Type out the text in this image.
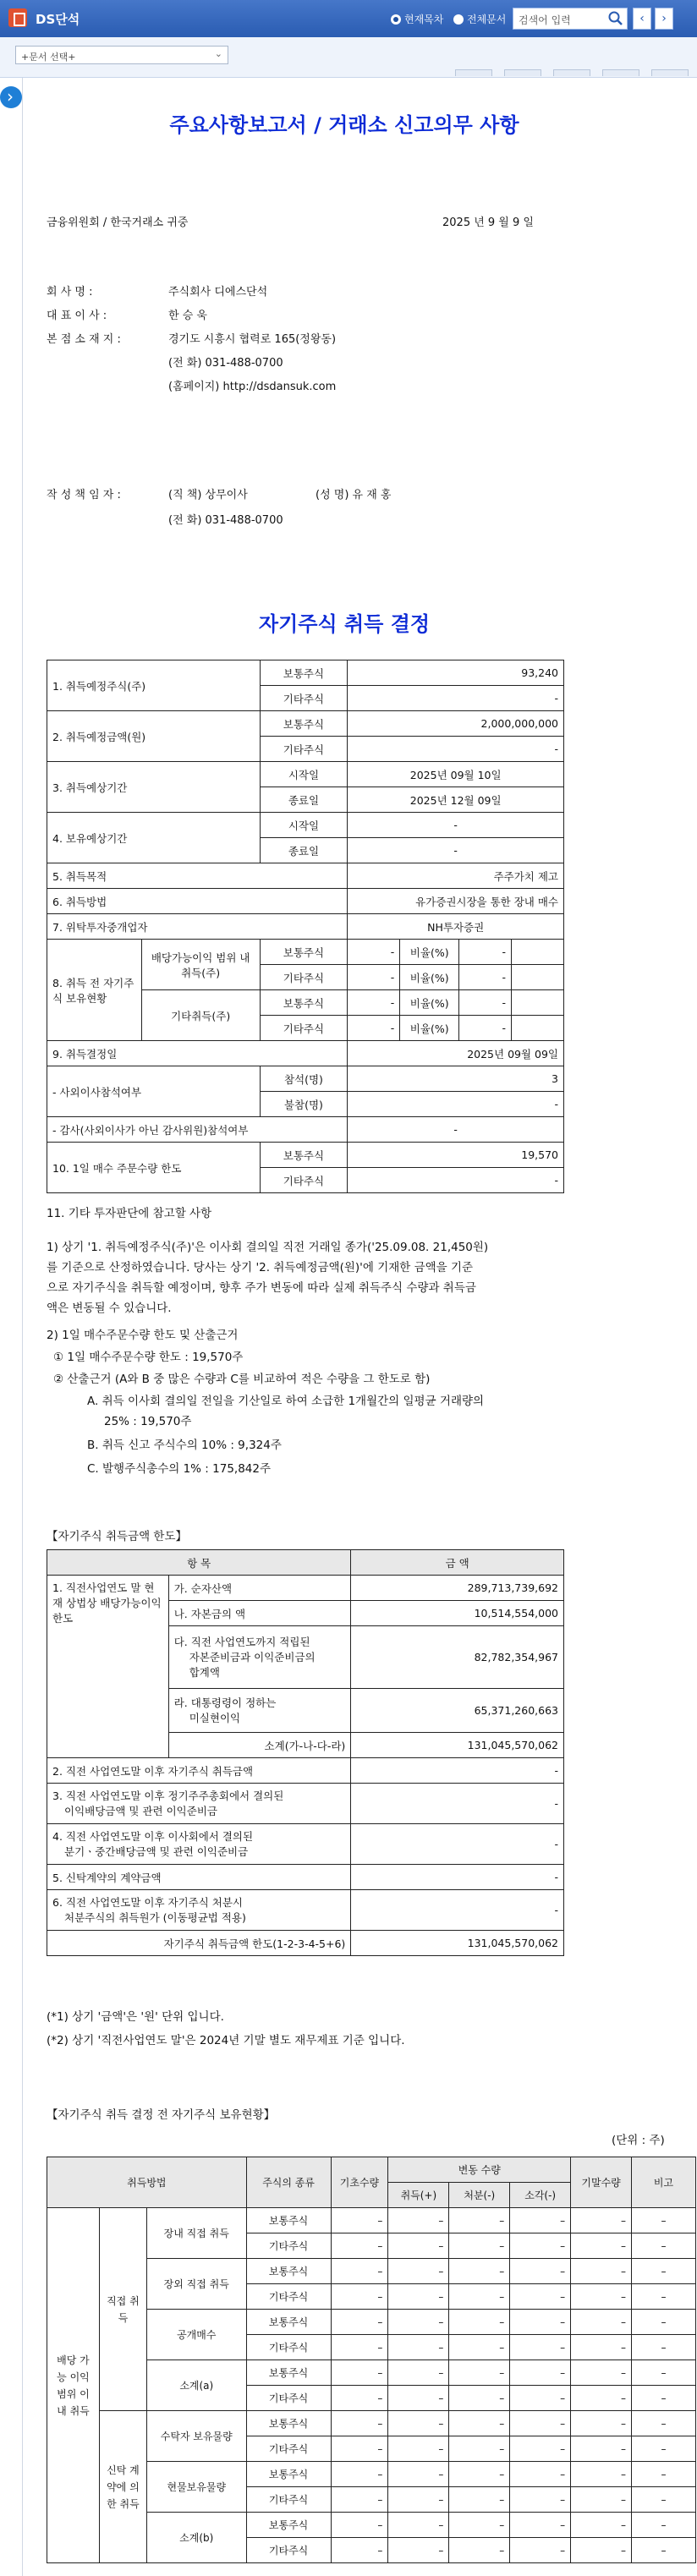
DS단석	현재목차	전체문서	검색어 입력	‹	›
+문서 선택+	⌄
›
주요사항보고서 / 거래소 신고의무 사항
금융위원회 / 한국거래소 귀중	2025 년 9 월 9 일
회 사 명 :	주식회사 디에스단석
대 표 이 사 :	한 승 욱
본 점 소 재 지 :	경기도 시흥시 협력로 165(정왕동)
(전 화) 031-488-0700
(홈페이지) http://dsdansuk.com
작 성 책 임 자 :	(직 책) 상무이사	(성 명) 유 재 홍
(전 화) 031-488-0700
자기주식 취득 결정
1. 취득예정주식(주)		보통주식	93,240			
		기타주식	-			
2. 취득예정금액(원)		보통주식	2,000,000,000			
		기타주식	-			
3. 취득예상기간		시작일	2025년 09월 10일			
		종료일	2025년 12월 09일			
4. 보유예상기간		시작일	-			
		종료일	-			
5. 취득목적			주주가치 제고			
6. 취득방법			유가증권시장을 통한 장내 매수			
7. 위탁투자중개업자			NH투자증권			
8. 취득 전 자기주식 보유현황	배당가능이익 범위 내 취득(주)	보통주식	-	비율(%)	-	
		기타주식	-	비율(%)	-	
	기타취득(주)	보통주식	-	비율(%)	-	
		기타주식	-	비율(%)	-	
9. 취득결정일			2025년 09월 09일			
- 사외이사참석여부		참석(명)	3			
		불참(명)	-			
- 감사(사외이사가 아닌 감사위원)참석여부			-			
10. 1일 매수 주문수량 한도		보통주식	19,570			
		기타주식	-			
11. 기타 투자판단에 참고할 사항
1) 상기 '1. 취득예정주식(주)'은 이사회 결의일 직전 거래일 종가('25.09.08. 21,450원)
를 기준으로 산정하였습니다. 당사는 상기 '2. 취득예정금액(원)'에 기재한 금액을 기준
으로 자기주식을 취득할 예정이며, 향후 주가 변동에 따라 실제 취득주식 수량과 취득금
액은 변동될 수 있습니다.
2) 1일 매수주문수량 한도 및 산출근거
① 1일 매수주문수량 한도 : 19,570주
② 산출근거 (A와 B 중 많은 수량과 C를 비교하여 적은 수량을 그 한도로 함)
A. 취득 이사회 결의일 전일을 기산일로 하여 소급한 1개월간의 일평균 거래량의
25% : 19,570주
B. 취득 신고 주식수의 10% : 9,324주
C. 발행주식총수의 1% : 175,842주
【자기주식 취득금액 한도】
항 목		금 액
1. 직전사업연도 말 현재 상법상 배당가능이익 한도	가. 순자산액	289,713,739,692
	나. 자본금의 액	10,514,554,000

	다. 직전 사업연도까지 적립된
자본준비금과 이익준비금의
합계액	82,782,354,967

	라. 대통령령이 정하는
미실현이익	65,371,260,663
	소계(가-나-다-라)	131,045,570,062
2. 직전 사업연도말 이후 자기주식 취득금액		-

3. 직전 사업연도말 이후 정기주주총회에서 결의된
이익배당금액 및 관련 이익준비금		-

4. 직전 사업연도말 이후 이사회에서 결의된
분기ㆍ중간배당금액 및 관련 이익준비금		-
5. 신탁계약의 계약금액		-

6. 직전 사업연도말 이후 자기주식 처분시
처분주식의 취득원가 (이동평균법 적용)		-
자기주식 취득금액 한도(1-2-3-4-5+6)		131,045,570,062
(*1) 상기 '금액'은 '원' 단위 입니다.
(*2) 상기 '직전사업연도 말'은 2024년 기말 별도 재무제표 기준 입니다.
【자기주식 취득 결정 전 자기주식 보유현황】
(단위 : 주)
취득방법			주식의 종류	기초수량	변동 수량			기말수량	비고
					취득(+)	처분(-)	소각(-)		
배당 가능 이익 범위 이내 취득	직접 취득	장내 직접 취득	보통주식	–	–	–	–	–	–
			기타주식	–	–	–	–	–	–
		장외 직접 취득	보통주식	–	–	–	–	–	–
			기타주식	–	–	–	–	–	–
		공개매수	보통주식	–	–	–	–	–	–
			기타주식	–	–	–	–	–	–
		소계(a)	보통주식	–	–	–	–	–	–
			기타주식	–	–	–	–	–	–
	신탁 계약에 의한 취득	수탁자 보유물량	보통주식	–	–	–	–	–	–
			기타주식	–	–	–	–	–	–
		현물보유물량	보통주식	–	–	–	–	–	–
			기타주식	–	–	–	–	–	–
		소계(b)	보통주식	–	–	–	–	–	–
			기타주식	–	–	–	–	–	–
